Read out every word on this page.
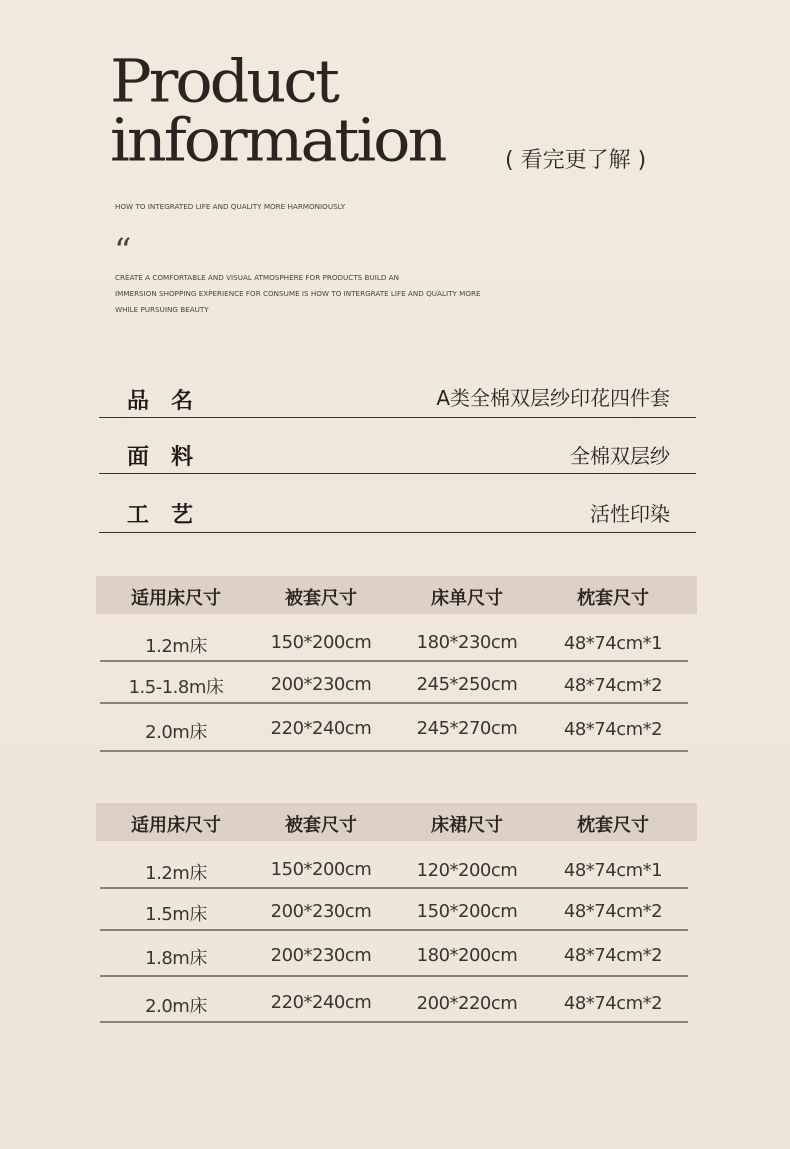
Product
information	( 看完更了解 )
HOW TO INTEGRATED LIFE AND QUALITY MORE HARMONIOUSLY
“
CREATE A COMFORTABLE AND VISUAL ATMOSPHERE FOR PRODUCTS BUILD AN
IMMERSION SHOPPING EXPERIENCE FOR CONSUME IS HOW TO INTERGRATE LIFE AND QUALITY MORE
WHILE PURSUING BEAUTY
品名	A类全棉双层纱印花四件套
面料	全棉双层纱
工艺	活性印染
适用床尺寸	被套尺寸	床单尺寸	枕套尺寸
1.2m床	150*200cm	180*230cm	48*74cm*1
1.5-1.8m床	200*230cm	245*250cm	48*74cm*2
2.0m床	220*240cm	245*270cm	48*74cm*2
适用床尺寸	被套尺寸	床裙尺寸	枕套尺寸
1.2m床	150*200cm	120*200cm	48*74cm*1
1.5m床	200*230cm	150*200cm	48*74cm*2
1.8m床	200*230cm	180*200cm	48*74cm*2
2.0m床	220*240cm	200*220cm	48*74cm*2
